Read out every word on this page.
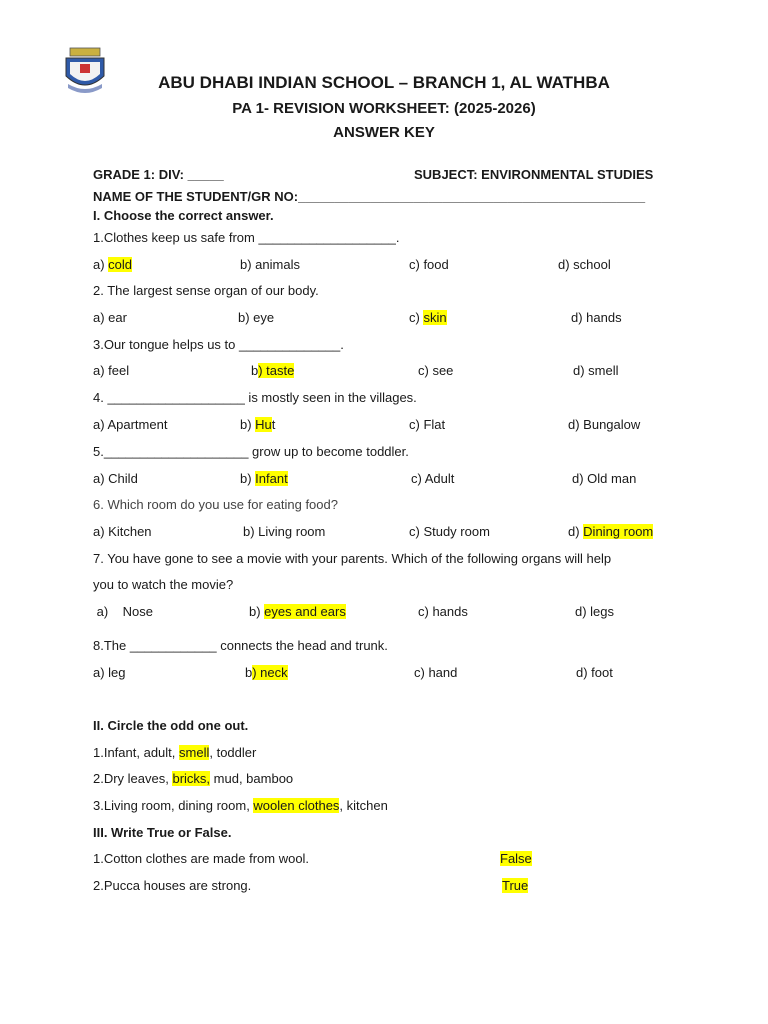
ABU DHABI INDIAN SCHOOL – BRANCH 1, AL WATHBA
PA 1- REVISION WORKSHEET: (2025-2026)
ANSWER KEY
GRADE 1: DIV: _____	SUBJECT: ENVIRONMENTAL STUDIES
NAME OF THE STUDENT/GR NO:________________________________________________
I. Choose the correct answer.
1.Clothes keep us safe from ___________________.
a) cold	b) animals	c) food	d) school
2. The largest sense organ of our body.
a) ear	b) eye	c) skin	d) hands
3.Our tongue helps us to ______________.
a) feel	b) taste	c) see	d) smell
4. ___________________ is mostly seen in the villages.
a) Apartment	b) Hut	c) Flat	d) Bungalow
5.____________________ grow up to become toddler.
a) Child	b) Infant	c) Adult	d) Old man
6. Which room do you use for eating food?
a) Kitchen	b) Living room	c) Study room	d) Dining room
7. You have gone to see a movie with your parents. Which of the following organs will help
you to watch the movie?
a)    Nose	b) eyes and ears	c) hands	d) legs
8.The ____________ connects the head and trunk.
a) leg	b) neck	c) hand	d) foot
II. Circle the odd one out.
1.Infant, adult, smell, toddler
2.Dry leaves, bricks, mud, bamboo
3.Living room, dining room, woolen clothes, kitchen
III. Write True or False.
1.Cotton clothes are made from wool.	False
2.Pucca houses are strong.	True
